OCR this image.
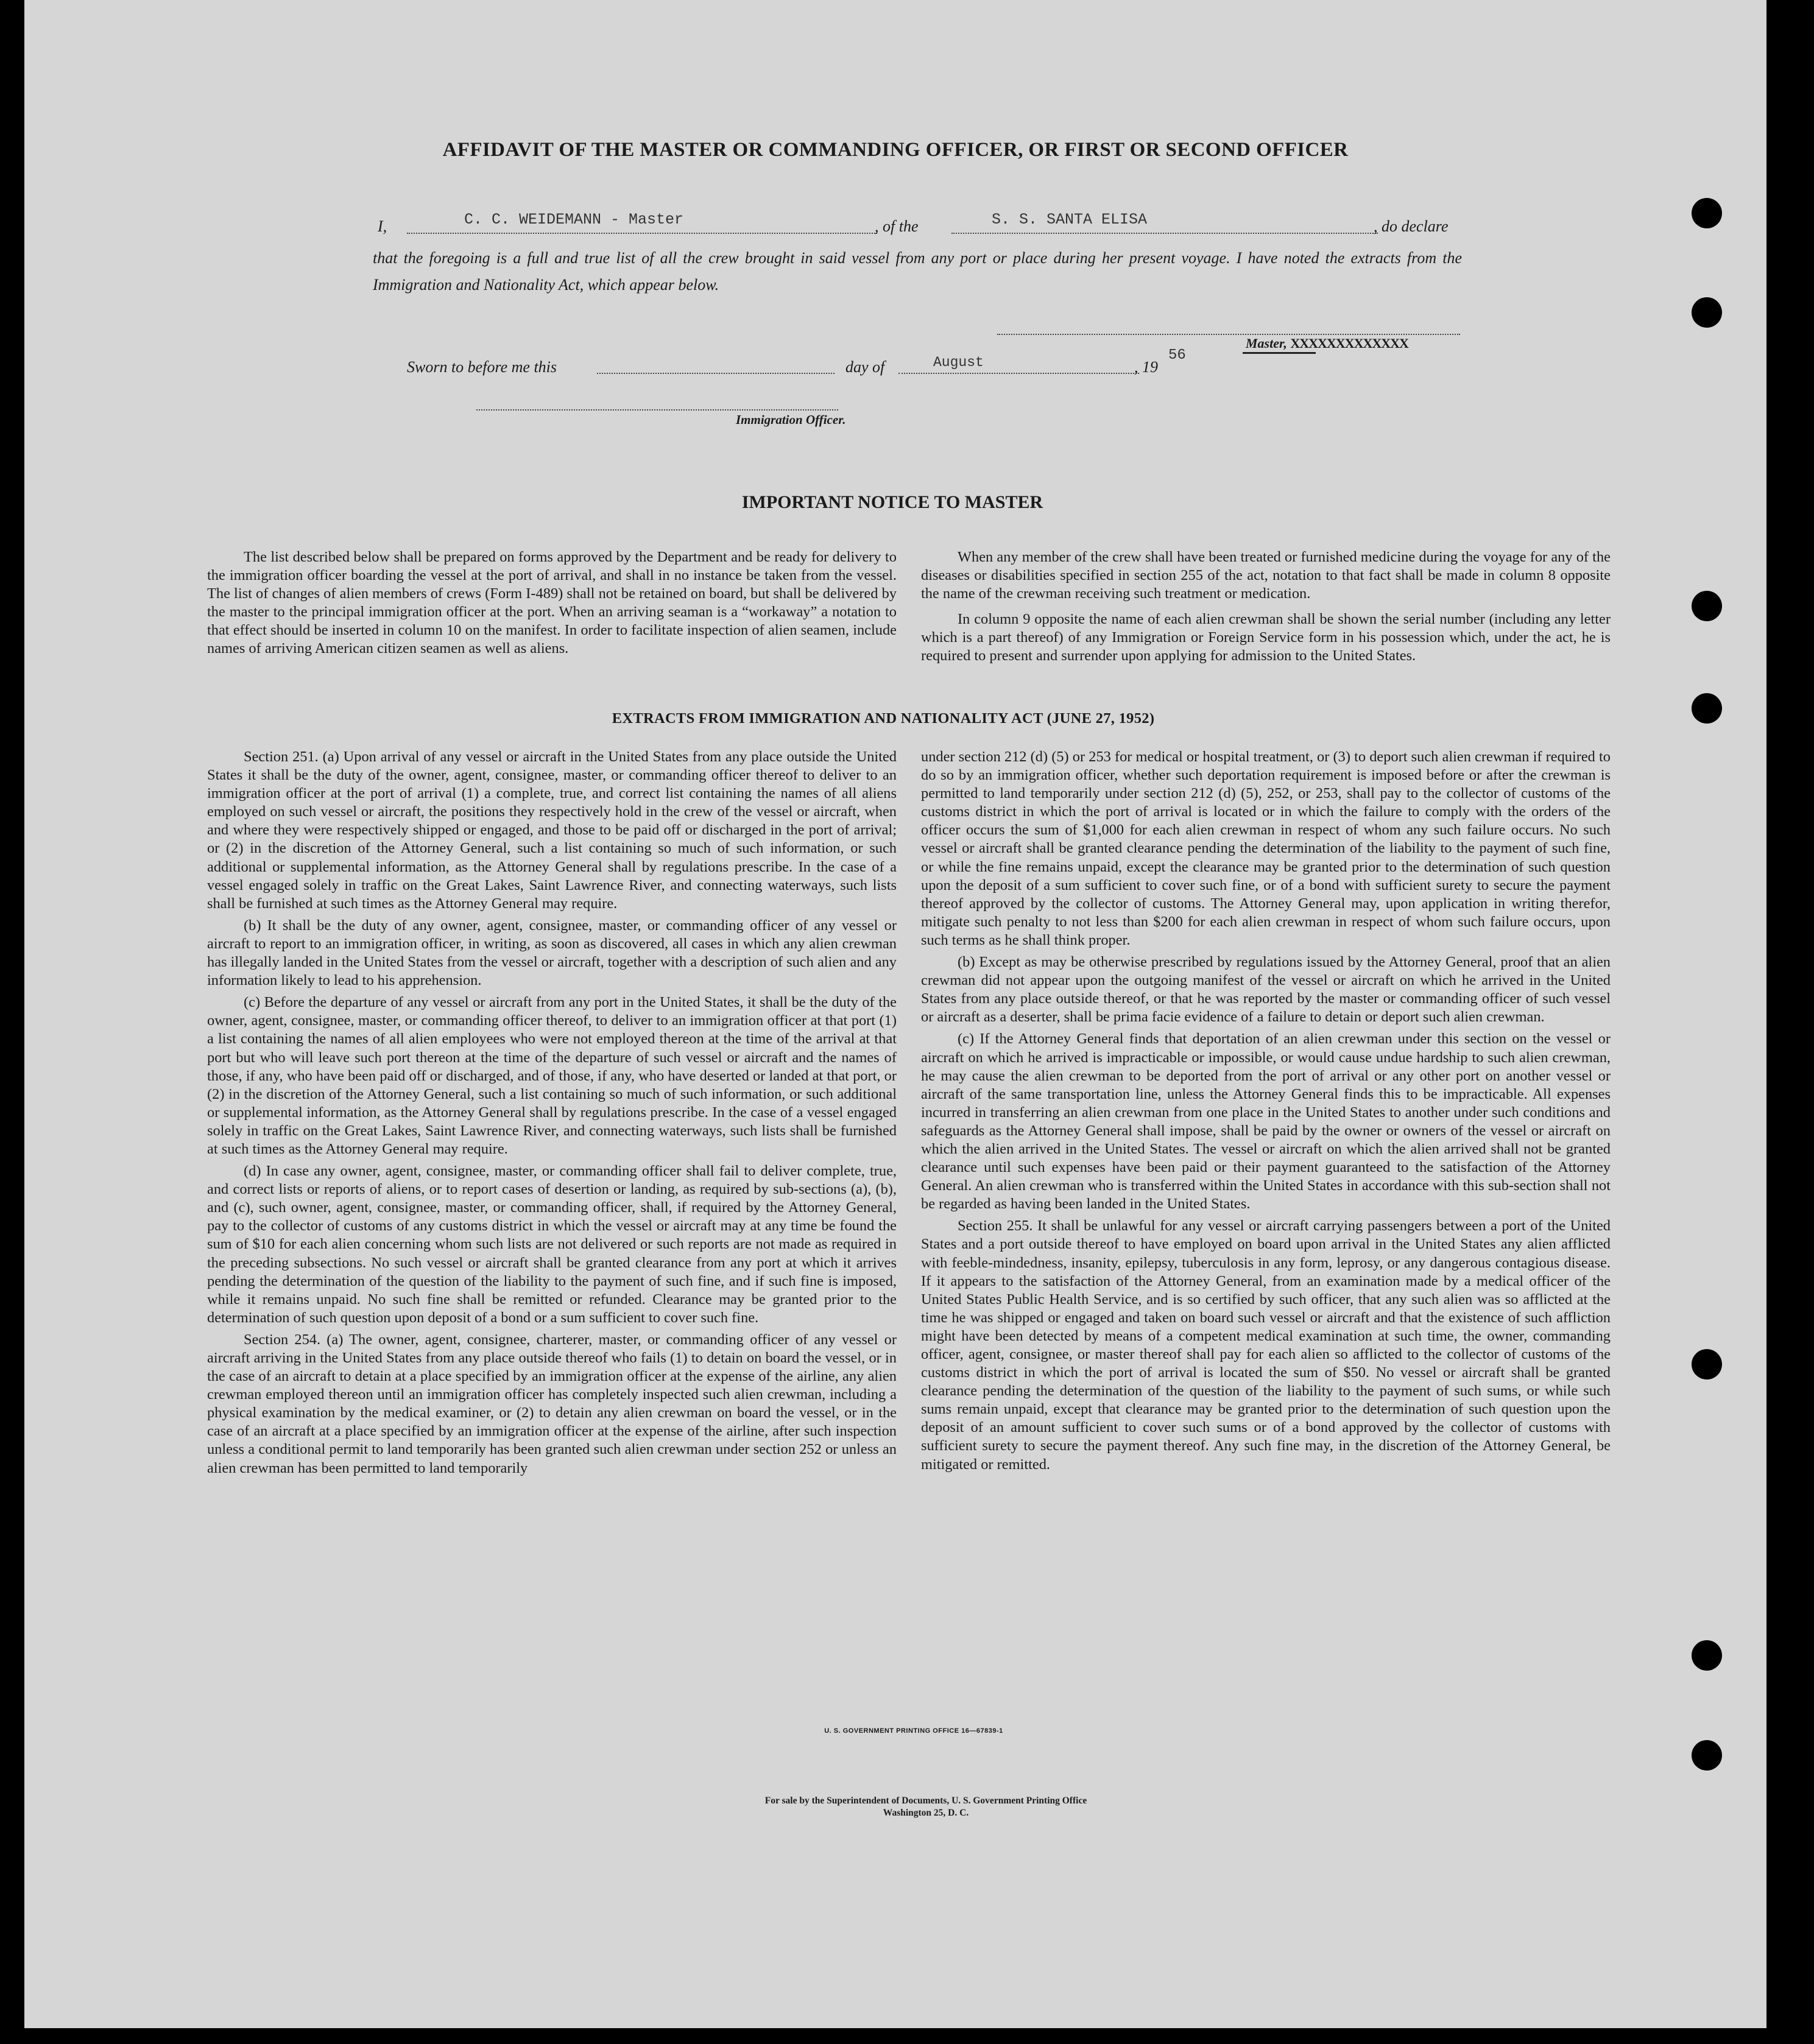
AFFIDAVIT OF THE MASTER OR COMMANDING OFFICER, OR FIRST OR SECOND OFFICER
I,	C. C. WEIDEMANN - Master	, of the	S. S. SANTA ELISA	, do declare
that the foregoing is a full and true list of all the crew brought in said vessel from any port or place during her present voyage. I have noted the extracts from the Immigration and Nationality Act, which appear below.
Master, XXXXXXXXXXXXX
Sworn to before me this	day of	August	, 19
56
Immigration Officer.
IMPORTANT NOTICE TO MASTER

The list described below shall be prepared on forms approved by the Department and be ready for delivery to the immigration officer boarding the vessel at the port of arrival, and shall in no instance be taken from the vessel. The list of changes of alien members of crews (Form I-489) shall not be retained on board, but shall be delivered by the master to the principal immigration officer at the port. When an arriving seaman is a “workaway” a notation to that effect should be inserted in column 10 on the manifest. In order to facilitate inspection of alien seamen, include names of arriving American citizen seamen as well as aliens.

When any member of the crew shall have been treated or furnished medicine during the voyage for any of the diseases or disabilities specified in section 255 of the act, notation to that fact shall be made in column 8 opposite the name of the crewman receiving such treatment or medication.

In column 9 opposite the name of each alien crewman shall be shown the serial number (including any letter which is a part thereof) of any Immigration or Foreign Service form in his possession which, under the act, he is required to present and surrender upon applying for admission to the United States.

EXTRACTS FROM IMMIGRATION AND NATIONALITY ACT (JUNE 27, 1952)

Section 251. (a) Upon arrival of any vessel or aircraft in the United States from any place outside the United States it shall be the duty of the owner, agent, consignee, master, or commanding officer thereof to deliver to an immigration officer at the port of arrival (1) a complete, true, and correct list containing the names of all aliens employed on such vessel or aircraft, the positions they respectively hold in the crew of the vessel or aircraft, when and where they were respectively shipped or engaged, and those to be paid off or discharged in the port of arrival; or (2) in the discretion of the Attorney General, such a list containing so much of such information, or such additional or supplemental information, as the Attorney General shall by regulations prescribe. In the case of a vessel engaged solely in traffic on the Great Lakes, Saint Lawrence River, and connecting waterways, such lists shall be furnished at such times as the Attorney General may require.

(b) It shall be the duty of any owner, agent, consignee, master, or commanding officer of any vessel or aircraft to report to an immigration officer, in writing, as soon as discovered, all cases in which any alien crewman has illegally landed in the United States from the vessel or aircraft, together with a description of such alien and any information likely to lead to his apprehension.

(c) Before the departure of any vessel or aircraft from any port in the United States, it shall be the duty of the owner, agent, consignee, master, or commanding officer thereof, to deliver to an immigration officer at that port (1) a list containing the names of all alien employees who were not employed thereon at the time of the arrival at that port but who will leave such port thereon at the time of the departure of such vessel or aircraft and the names of those, if any, who have been paid off or discharged, and of those, if any, who have deserted or landed at that port, or (2) in the discretion of the Attorney General, such a list containing so much of such information, or such additional or supplemental information, as the Attorney General shall by regulations prescribe. In the case of a vessel engaged solely in traffic on the Great Lakes, Saint Lawrence River, and connecting waterways, such lists shall be furnished at such times as the Attorney General may require.

(d) In case any owner, agent, consignee, master, or commanding officer shall fail to deliver complete, true, and correct lists or reports of aliens, or to report cases of desertion or landing, as required by sub-sections (a), (b), and (c), such owner, agent, consignee, master, or commanding officer, shall, if required by the Attorney General, pay to the collector of customs of any customs district in which the vessel or aircraft may at any time be found the sum of $10 for each alien concerning whom such lists are not delivered or such reports are not made as required in the preceding subsections. No such vessel or aircraft shall be granted clearance from any port at which it arrives pending the determination of the question of the liability to the payment of such fine, and if such fine is imposed, while it remains unpaid. No such fine shall be remitted or refunded. Clearance may be granted prior to the determination of such question upon deposit of a bond or a sum sufficient to cover such fine.

Section 254. (a) The owner, agent, consignee, charterer, master, or commanding officer of any vessel or aircraft arriving in the United States from any place outside thereof who fails (1) to detain on board the vessel, or in the case of an aircraft to detain at a place specified by an immigration officer at the expense of the airline, any alien crewman employed thereon until an immigration officer has completely inspected such alien crewman, including a physical examination by the medical examiner, or (2) to detain any alien crewman on board the vessel, or in the case of an aircraft at a place specified by an immigration officer at the expense of the airline, after such inspection unless a conditional permit to land temporarily has been granted such alien crewman under section 252 or unless an alien crewman has been permitted to land temporarily

under section 212 (d) (5) or 253 for medical or hospital treatment, or (3) to deport such alien crewman if required to do so by an immigration officer, whether such deportation requirement is imposed before or after the crewman is permitted to land temporarily under section 212 (d) (5), 252, or 253, shall pay to the collector of customs of the customs district in which the port of arrival is located or in which the failure to comply with the orders of the officer occurs the sum of $1,000 for each alien crewman in respect of whom any such failure occurs. No such vessel or aircraft shall be granted clearance pending the determination of the liability to the payment of such fine, or while the fine remains unpaid, except the clearance may be granted prior to the determination of such question upon the deposit of a sum sufficient to cover such fine, or of a bond with sufficient surety to secure the payment thereof approved by the collector of customs. The Attorney General may, upon application in writing therefor, mitigate such penalty to not less than $200 for each alien crewman in respect of whom such failure occurs, upon such terms as he shall think proper.

(b) Except as may be otherwise prescribed by regulations issued by the Attorney General, proof that an alien crewman did not appear upon the outgoing manifest of the vessel or aircraft on which he arrived in the United States from any place outside thereof, or that he was reported by the master or commanding officer of such vessel or aircraft as a deserter, shall be prima facie evidence of a failure to detain or deport such alien crewman.

(c) If the Attorney General finds that deportation of an alien crewman under this section on the vessel or aircraft on which he arrived is impracticable or impossible, or would cause undue hardship to such alien crewman, he may cause the alien crewman to be deported from the port of arrival or any other port on another vessel or aircraft of the same transportation line, unless the Attorney General finds this to be impracticable. All expenses incurred in transferring an alien crewman from one place in the United States to another under such conditions and safeguards as the Attorney General shall impose, shall be paid by the owner or owners of the vessel or aircraft on which the alien arrived in the United States. The vessel or aircraft on which the alien arrived shall not be granted clearance until such expenses have been paid or their payment guaranteed to the satisfaction of the Attorney General. An alien crewman who is transferred within the United States in accordance with this sub-section shall not be regarded as having been landed in the United States.

Section 255. It shall be unlawful for any vessel or aircraft carrying passengers between a port of the United States and a port outside thereof to have employed on board upon arrival in the United States any alien afflicted with feeble-mindedness, insanity, epilepsy, tuberculosis in any form, leprosy, or any dangerous contagious disease. If it appears to the satisfaction of the Attorney General, from an examination made by a medical officer of the United States Public Health Service, and is so certified by such officer, that any such alien was so afflicted at the time he was shipped or engaged and taken on board such vessel or aircraft and that the existence of such affliction might have been detected by means of a competent medical examination at such time, the owner, commanding officer, agent, consignee, or master thereof shall pay for each alien so afflicted to the collector of customs of the customs district in which the port of arrival is located the sum of $50. No vessel or aircraft shall be granted clearance pending the determination of the question of the liability to the payment of such sums, or while such sums remain unpaid, except that clearance may be granted prior to the determination of such question upon the deposit of an amount sufficient to cover such sums or of a bond approved by the collector of customs with sufficient surety to secure the payment thereof. Any such fine may, in the discretion of the Attorney General, be mitigated or remitted.

U. S. GOVERNMENT PRINTING OFFICE 16—67839-1
For sale by the Superintendent of Documents, U. S. Government Printing Office
Washington 25, D. C.
